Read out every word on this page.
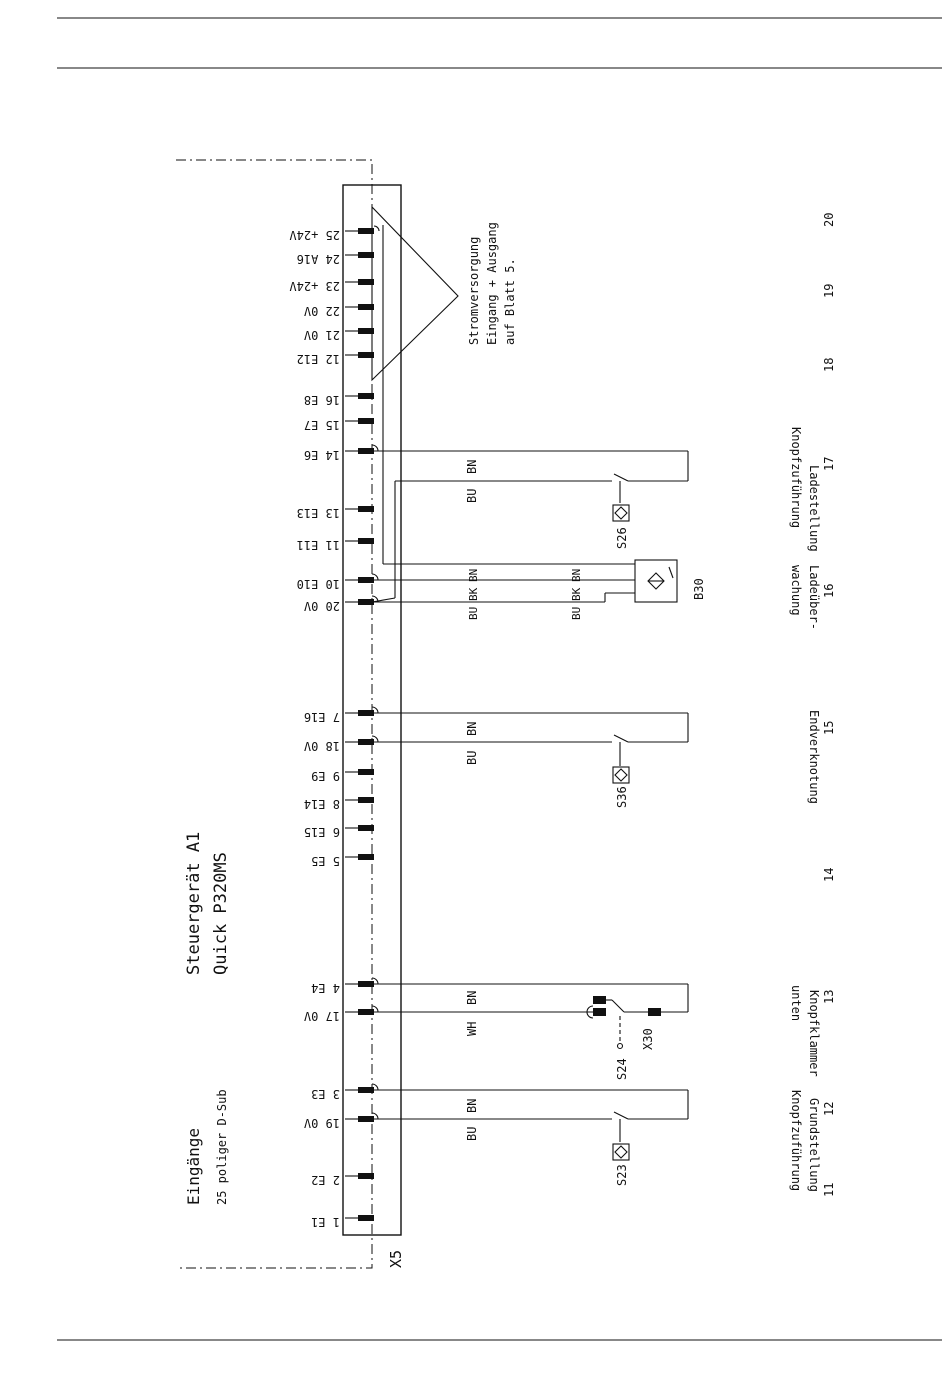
X5
Steuergerät A1 Quick P320MS
Eingänge 25 poliger D-Sub
25 +24V
24 A16
23 +24V
22 0V
21 0V
12 E12
16 E8
15 E7
14 E6
13 E13
11 E11
10 E10
20 0V
7 E16
18 0V
9 E9
8 E14
6 E15
5 E5
4 E4
17 0V
3 E3
19 0V
2 E2
1 E1
Stromversorgung Eingang + Ausgang auf Blatt 5.
BN
BU
S26
BU
BK
BN
BU
BK
BN
B30
BN
BU
S36
BN
WH
S24
X30
BN
BU
S23
Ladestellung
Knopfzuführung
Ladeüber-
wachung
Endverknotung
Knopfklammer
unten
Grundstellung
Knopfzuführung
20
19
18
17
16
15
14
13
12
11
